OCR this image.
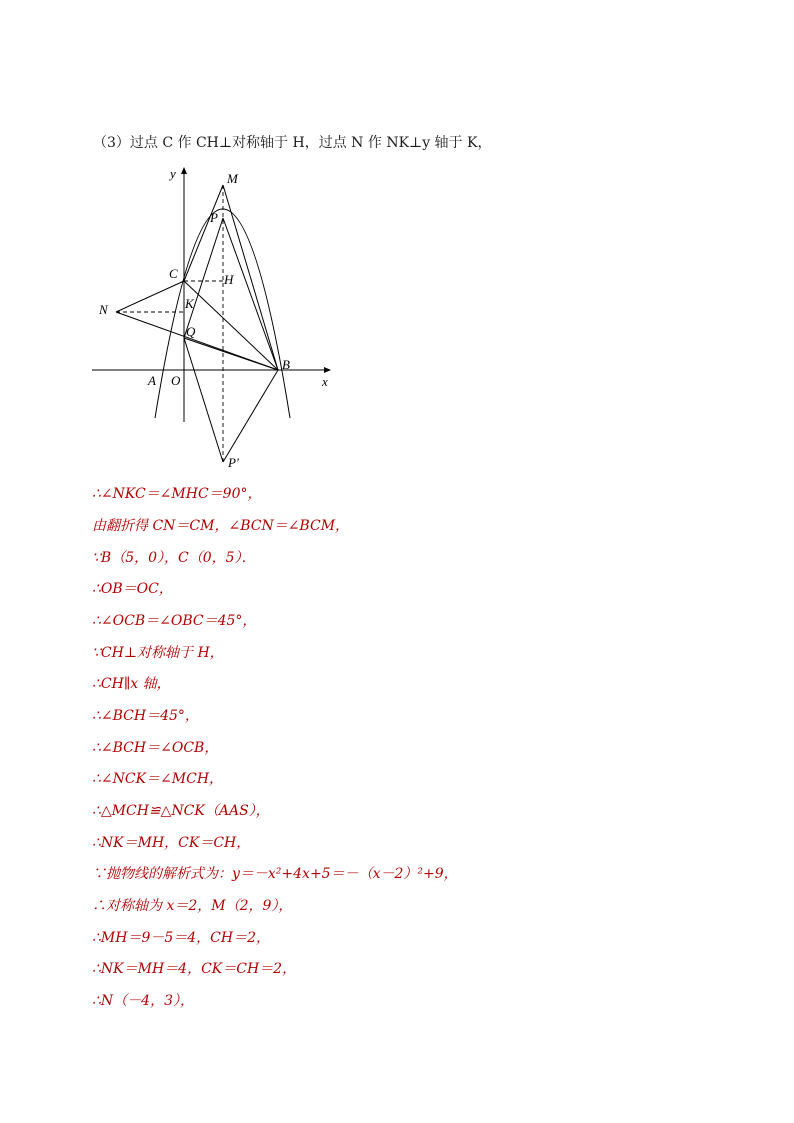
（3）过点 C 作 CH⊥对称轴于 H，过点 N 作 NK⊥y 轴于 K，
y	M
P
C	H
N	K
Q
B
x
A O
P′
∴∠NKC＝∠MHC＝90°，
由翻折得 CN＝CM，∠BCN＝∠BCM，
∵B（5，0），C（0，5）．
∴OB＝OC，
∴∠OCB＝∠OBC＝45°，
∵CH⊥对称轴于 H，
∴CH∥x 轴，
∴∠BCH＝45°，
∴∠BCH＝∠OCB，
∴∠NCK＝∠MCH，
∴△MCH≌△NCK（AAS），
∴NK＝MH，CK＝CH，
∵抛物线的解析式为：y＝－x²+4x+5＝－（x－2）²+9，
∴对称轴为 x＝2，M（2，9），
∴MH＝9－5＝4，CH＝2，
∴NK＝MH＝4，CK＝CH＝2，
∴N（－4，3），
